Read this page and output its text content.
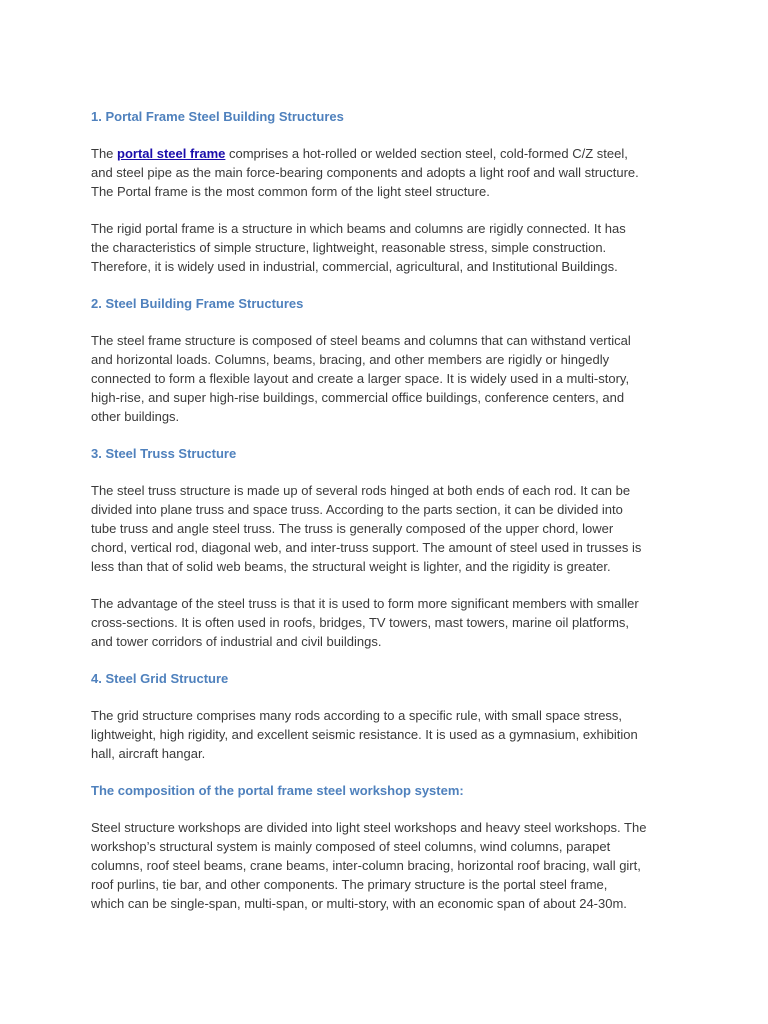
1. Portal Frame Steel Building Structures

The portal steel frame comprises a hot-rolled or welded section steel, cold-formed C/Z steel,
and steel pipe as the main force-bearing components and adopts a light roof and wall structure.
The Portal frame is the most common form of the light steel structure.

The rigid portal frame is a structure in which beams and columns are rigidly connected. It has
the characteristics of simple structure, lightweight, reasonable stress, simple construction.
Therefore, it is widely used in industrial, commercial, agricultural, and Institutional Buildings.

2. Steel Building Frame Structures

The steel frame structure is composed of steel beams and columns that can withstand vertical
and horizontal loads. Columns, beams, bracing, and other members are rigidly or hingedly
connected to form a flexible layout and create a larger space. It is widely used in a multi-story,
high-rise, and super high-rise buildings, commercial office buildings, conference centers, and
other buildings.

3. Steel Truss Structure

The steel truss structure is made up of several rods hinged at both ends of each rod. It can be
divided into plane truss and space truss. According to the parts section, it can be divided into
tube truss and angle steel truss. The truss is generally composed of the upper chord, lower
chord, vertical rod, diagonal web, and inter-truss support. The amount of steel used in trusses is
less than that of solid web beams, the structural weight is lighter, and the rigidity is greater.

The advantage of the steel truss is that it is used to form more significant members with smaller
cross-sections. It is often used in roofs, bridges, TV towers, mast towers, marine oil platforms,
and tower corridors of industrial and civil buildings.

4. Steel Grid Structure

The grid structure comprises many rods according to a specific rule, with small space stress,
lightweight, high rigidity, and excellent seismic resistance. It is used as a gymnasium, exhibition
hall, aircraft hangar.

The composition of the portal frame steel workshop system:

Steel structure workshops are divided into light steel workshops and heavy steel workshops. The
workshop’s structural system is mainly composed of steel columns, wind columns, parapet
columns, roof steel beams, crane beams, inter-column bracing, horizontal roof bracing, wall girt,
roof purlins, tie bar, and other components. The primary structure is the portal steel frame,
which can be single-span, multi-span, or multi-story, with an economic span of about 24-30m.
